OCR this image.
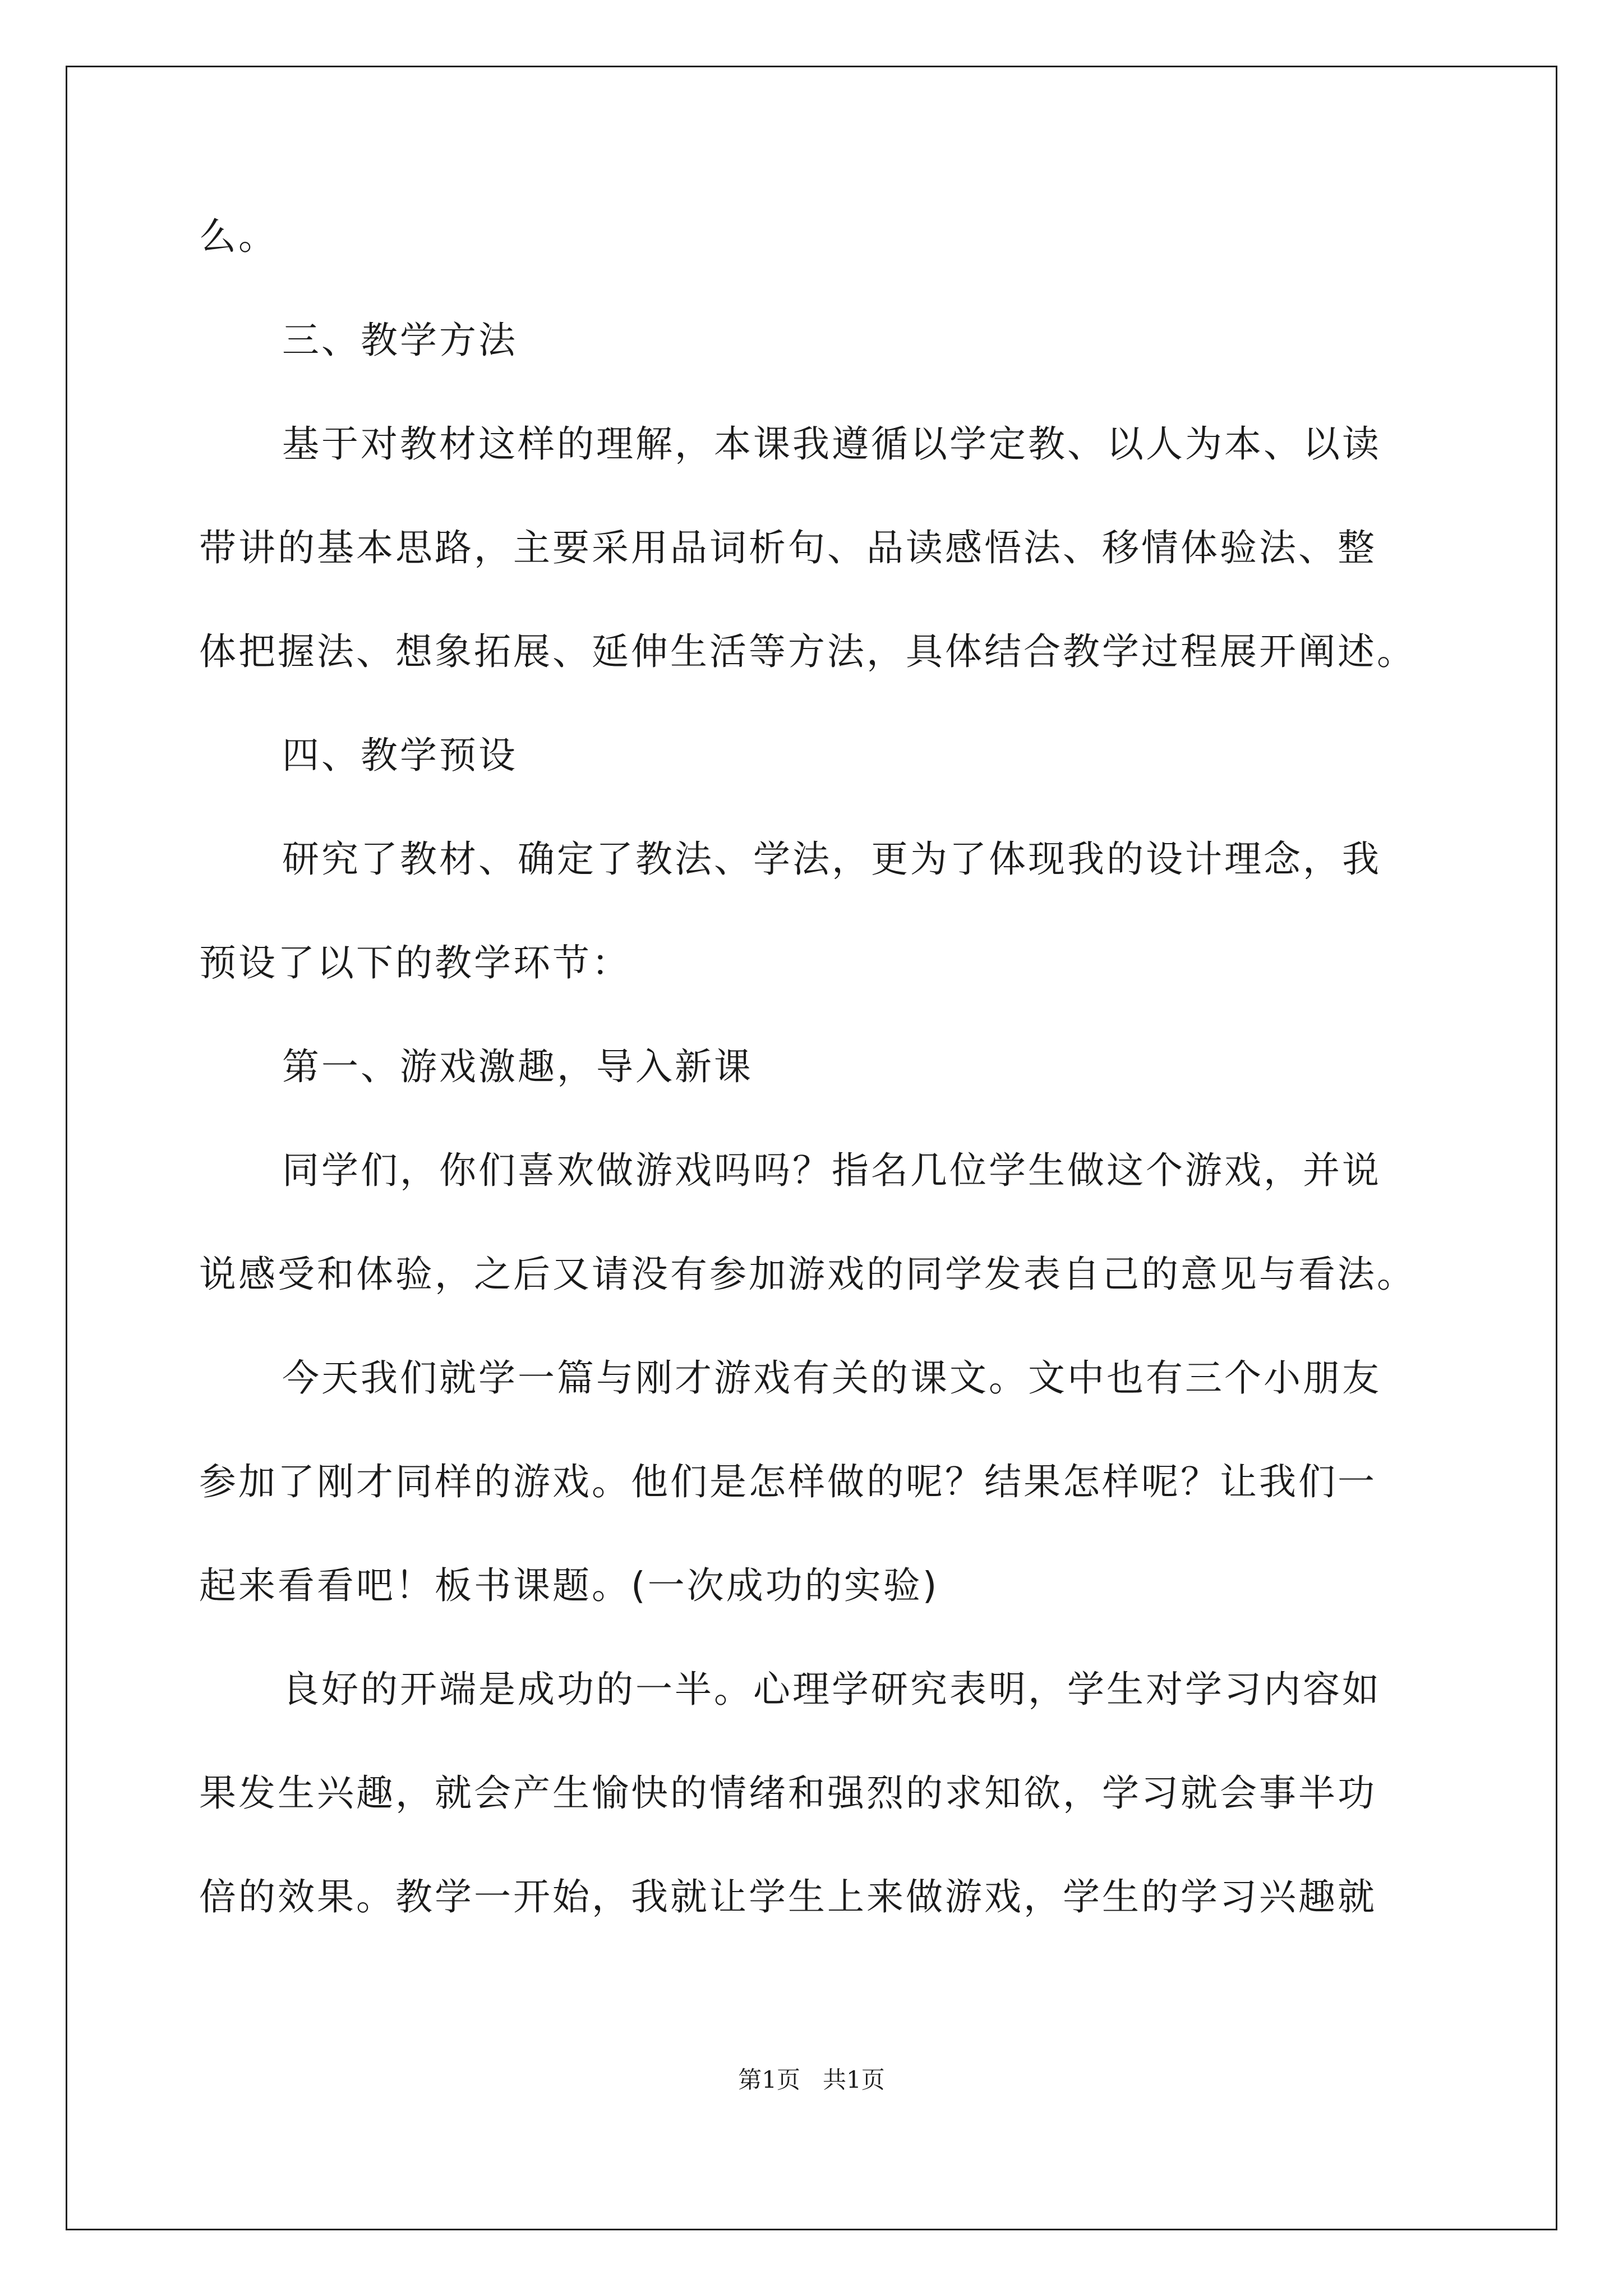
么。
三、教学方法
基于对教材这样的理解，本课我遵循以学定教、以人为本、以读
带讲的基本思路，主要采用品词析句、品读感悟法、移情体验法、整
体把握法、想象拓展、延伸生活等方法，具体结合教学过程展开阐述。
四、教学预设
研究了教材、确定了教法、学法，更为了体现我的设计理念，我
预设了以下的教学环节：
第一、游戏激趣，导入新课
同学们，你们喜欢做游戏吗吗？指名几位学生做这个游戏，并说
说感受和体验，之后又请没有参加游戏的同学发表自己的意见与看法。
今天我们就学一篇与刚才游戏有关的课文。文中也有三个小朋友
参加了刚才同样的游戏。他们是怎样做的呢？结果怎样呢？让我们一
起来看看吧！板书课题。(一次成功的实验)
良好的开端是成功的一半。心理学研究表明，学生对学习内容如
果发生兴趣，就会产生愉快的情绪和强烈的求知欲，学习就会事半功
倍的效果。教学一开始，我就让学生上来做游戏，学生的学习兴趣就
第1页   共1页
